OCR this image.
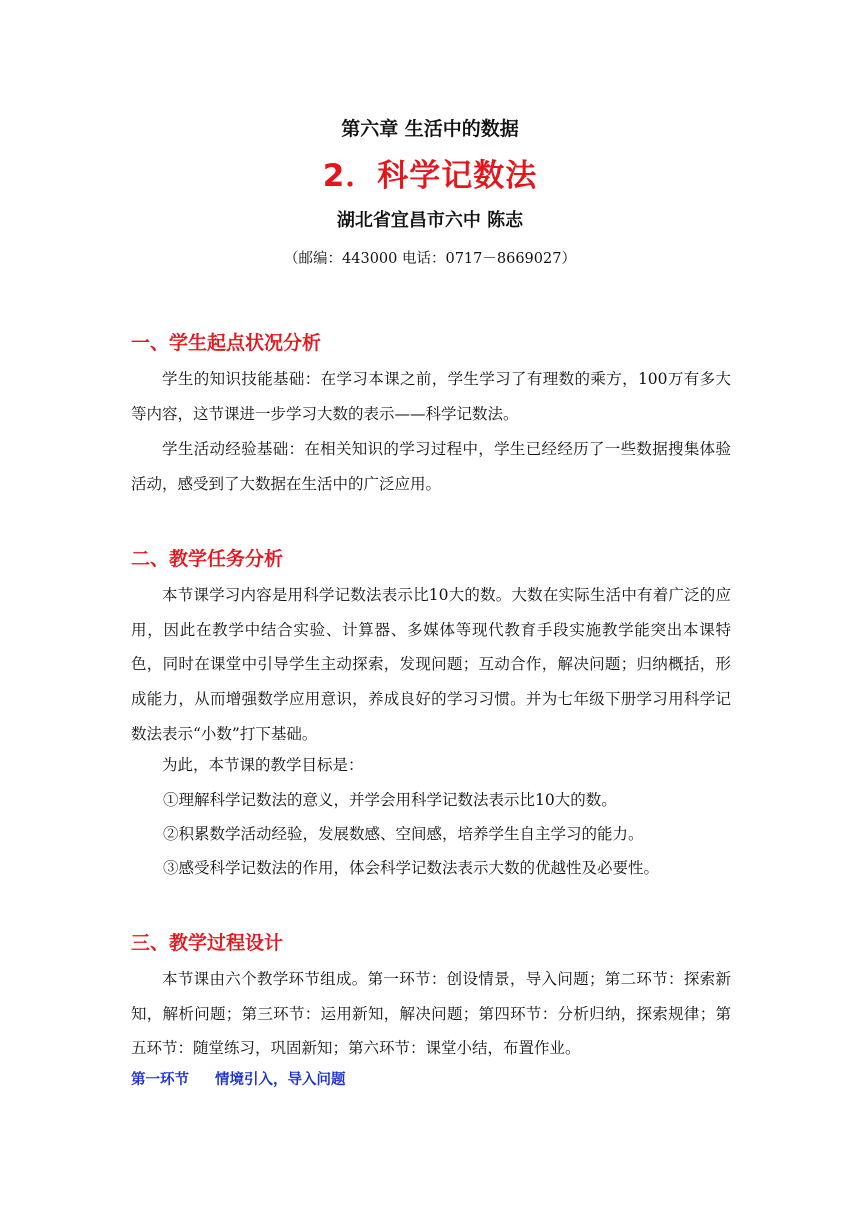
第六章 生活中的数据
2．科学记数法
湖北省宜昌市六中 陈志
（邮编：443000 电话：0717－8669027）
一、学生起点状况分析

学生的知识技能基础：在学习本课之前，学生学习了有理数的乘方，100万有多大等内容，这节课进一步学习大数的表示——科学记数法。

学生活动经验基础：在相关知识的学习过程中，学生已经经历了一些数据搜集体验活动，感受到了大数据在生活中的广泛应用。

二、教学任务分析

本节课学习内容是用科学记数法表示比10大的数。大数在实际生活中有着广泛的应用，因此在教学中结合实验、计算器、多媒体等现代教育手段实施教学能突出本课特色，同时在课堂中引导学生主动探索，发现问题；互动合作，解决问题；归纳概括，形成能力，从而增强数学应用意识，养成良好的学习习惯。并为七年级下册学习用科学记数法表示“小数”打下基础。

为此，本节课的教学目标是：

①理解科学记数法的意义，并学会用科学记数法表示比10大的数。
②积累数学活动经验，发展数感、空间感，培养学生自主学习的能力。
③感受科学记数法的作用，体会科学记数法表示大数的优越性及必要性。
三、教学过程设计

本节课由六个教学环节组成。第一环节：创设情景，导入问题；第二环节：探索新知，解析问题；第三环节：运用新知，解决问题；第四环节：分析归纳，探索规律；第五环节：随堂练习，巩固新知；第六环节：课堂小结，布置作业。

第一环节 情境引入，导入问题
